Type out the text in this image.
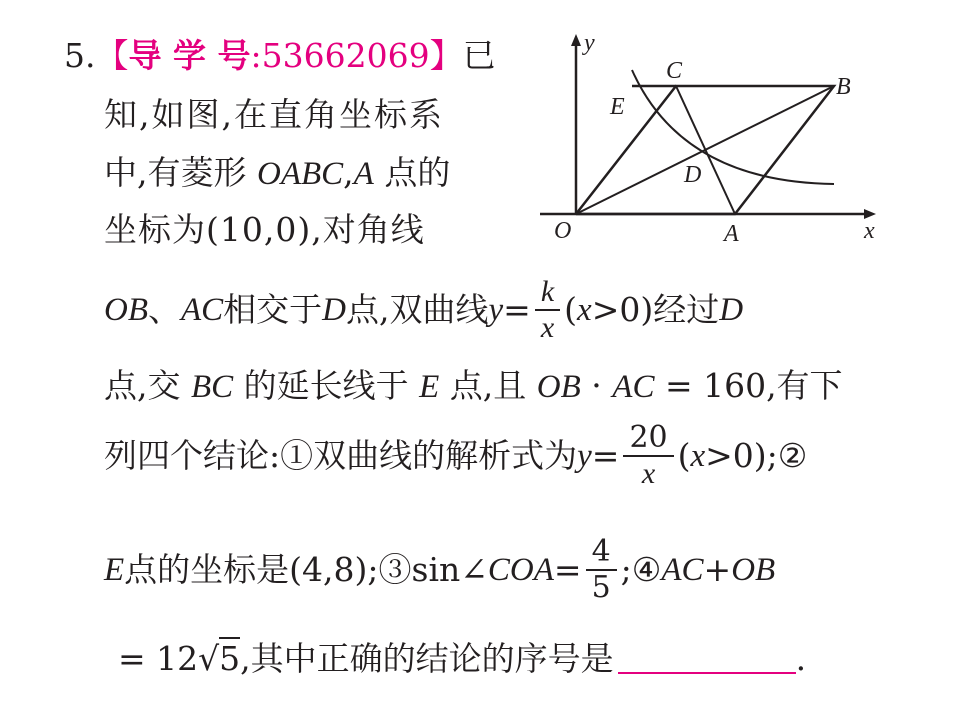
5.【导 学 号:53662069】已
知,如图,在直角坐标系
中,有菱形 OABC,A 点的
坐标为(10,0),对角线
OB 、 AC 相交于 D 点,双曲线 $y = \frac{k}{x}$ ( x >0)经过 D
点,交 BC 的延长线于 E 点,且 OB · AC = 160,有下
列四个结论:①双曲线的解析式为 $y = \frac{20}{x}$ ( x >0);②
E 点的坐标是(4,8);③sin∠ COA = $\frac{4}{5}$ ;④ AC + OB
= 12√5,其中正确的结论的序号是	.
y
x
O	A
B
C
D
E
